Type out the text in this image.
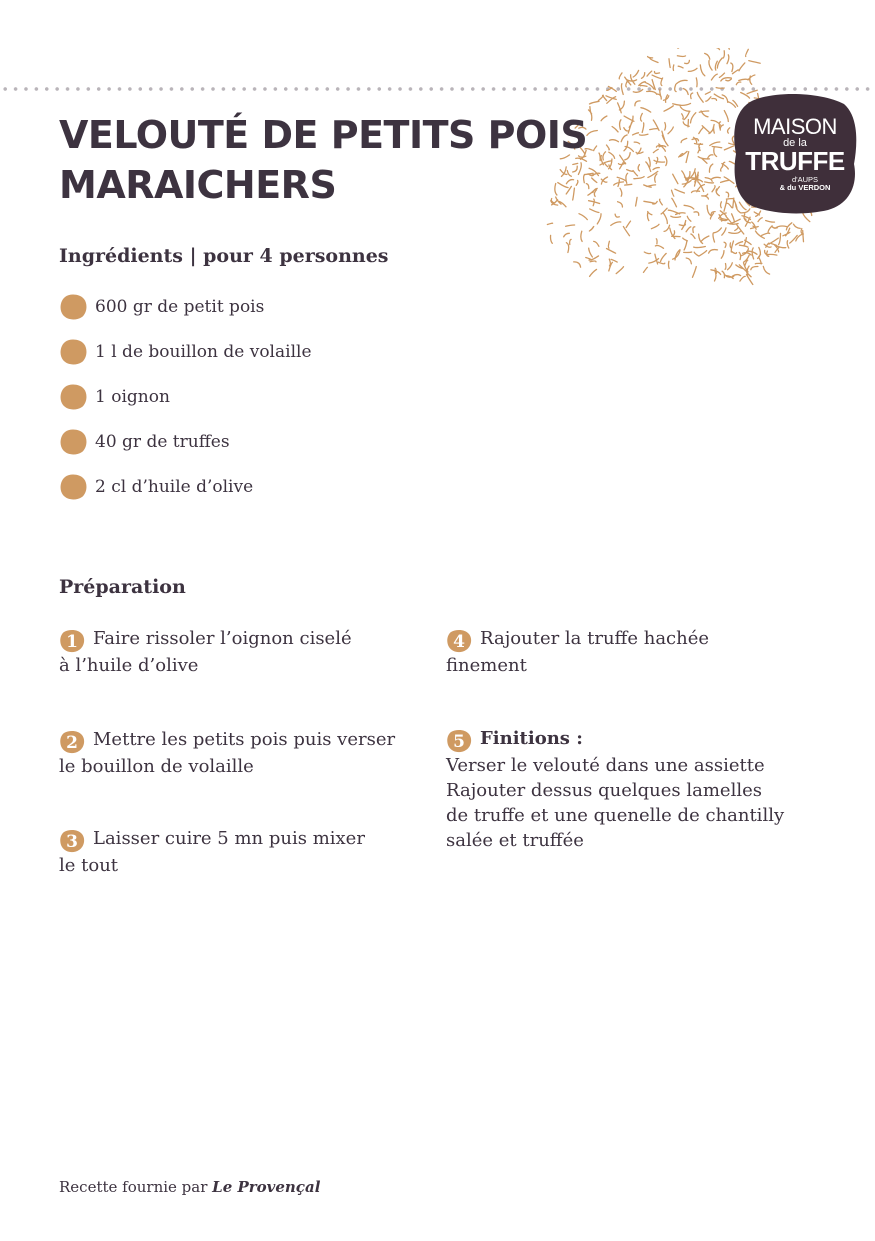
MAISON
de la
TRUFFE
d'AUPS
& du VERDON
VELOUTÉ DE PETITS POIS
MARAICHERS
Ingrédients | pour 4 personnes
600 gr de petit pois
1 l de bouillon de volaille
1 oignon
40 gr de truffes
2 cl d’huile d’olive
Préparation
1 Faire rissoler l’oignon ciselé
à l’huile d’olive
2 Mettre les petits pois puis verser
le bouillon de volaille
3 Laisser cuire 5 mn puis mixer
le tout
4 Rajouter la truffe hachée
finement
5 Finitions :
Verser le velouté dans une assiette
Rajouter dessus quelques lamelles
de truffe et une quenelle de chantilly
salée et truffée
Recette fournie par Le Provençal
